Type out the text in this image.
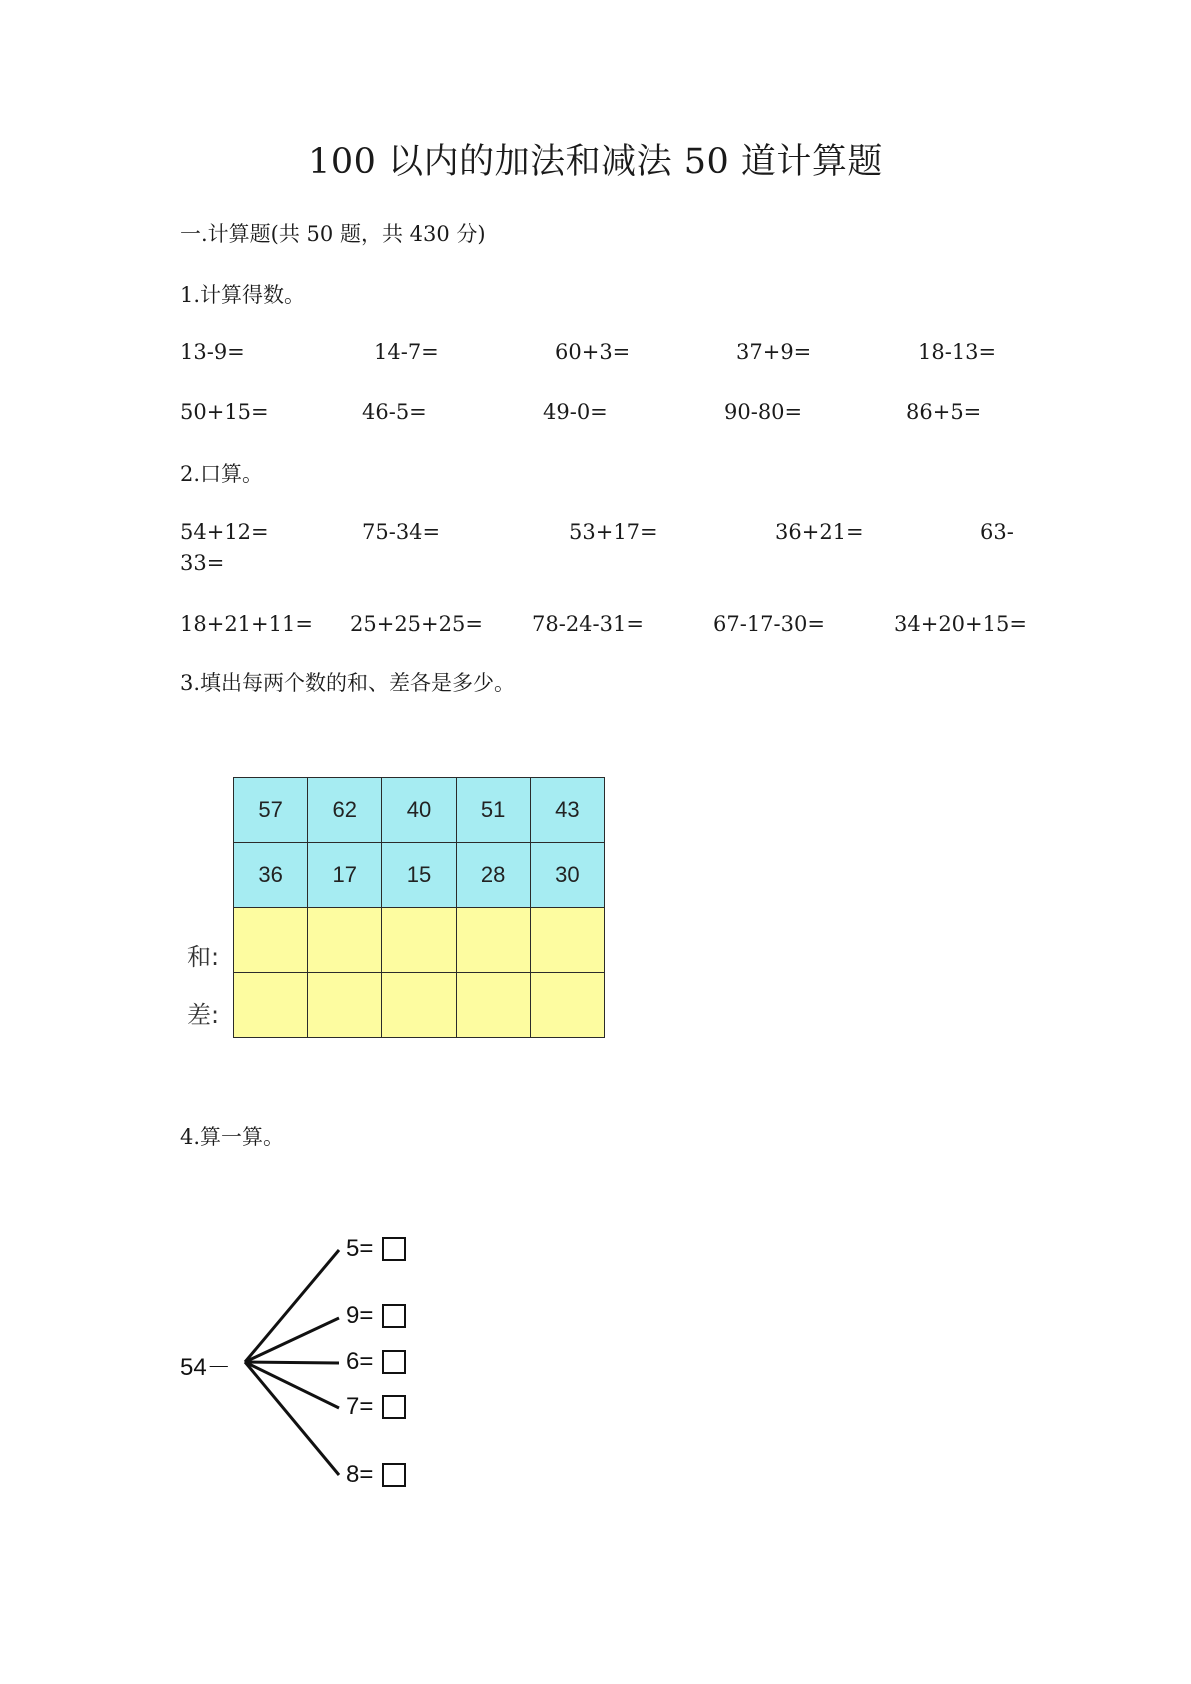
100 以内的加法和减法 50 道计算题
一.计算题(共 50 题，共 430 分)
1.计算得数。
13-9=	14-7=	60+3=	37+9=	18-13=
50+15=	46-5=	49-0=	90-80=	86+5=
2.口算。
54+12=	75-34=	53+17=	36+21=	63-
33=
18+21+11= 25+25+25= 78-24-31=	67-17-30=	34+20+15=
3.填出每两个数的和、差各是多少。
57	62	40	51	43
36	17	15	28	30

和:
差:
4.算一算。
54－
5=
9=
6=
7=
8=
